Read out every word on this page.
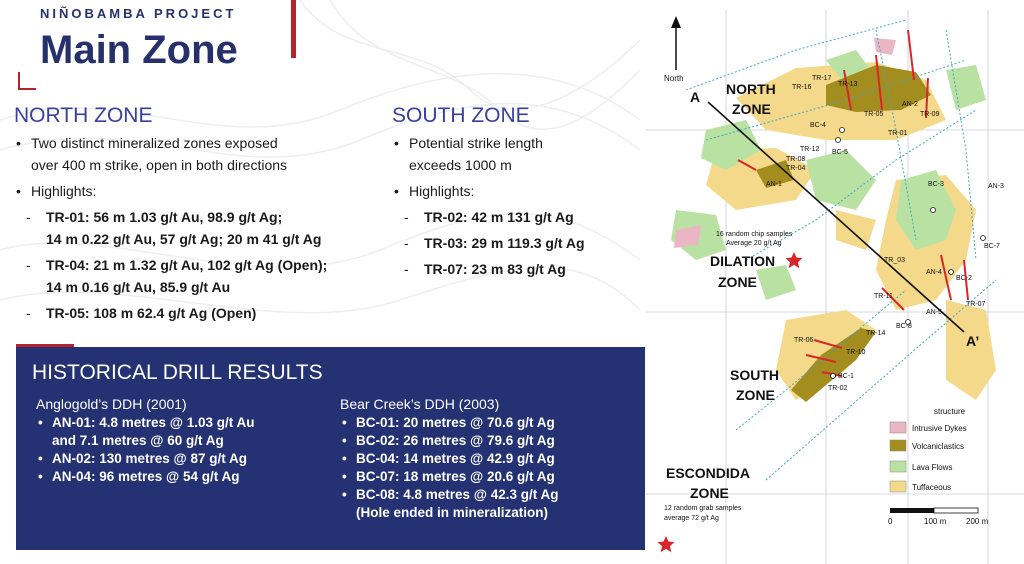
NIÑOBAMBA PROJECT
Main Zone
NORTH ZONE
• Two distinct mineralized zones exposed
over 400 m strike, open in both directions
• Highlights:
- TR-01: 56 m 1.03 g/t Au, 98.9 g/t Ag;
14 m 0.22 g/t Au, 57 g/t Ag; 20 m 41 g/t Ag
- TR-04: 21 m 1.32 g/t Au, 102 g/t Ag (Open);
14 m 0.16 g/t Au, 85.9 g/t Au
- TR-05: 108 m 62.4 g/t Ag (Open)
SOUTH ZONE
• Potential strike length
exceeds 1000 m
• Highlights:
- TR-02: 42 m 131 g/t Ag
- TR-03: 29 m 119.3 g/t Ag
- TR-07: 23 m 83 g/t Ag
HISTORICAL DRILL RESULTS
Anglogold’s DDH (2001)
• AN-01: 4.8 metres @ 1.03 g/t Au
and 7.1 metres @ 60 g/t Ag
• AN-02: 130 metres @ 87 g/t Ag
• AN-04: 96 metres @ 54 g/t Ag
Bear Creek’s DDH (2003)
• BC-01: 20 metres @ 70.6 g/t Ag
• BC-02: 26 metres @ 79.6 g/t Ag
• BC-04: 14 metres @ 42.9 g/t Ag
• BC-07: 18 metres @ 20.6 g/t Ag
• BC-08: 4.8 metres @ 42.3 g/t Ag
(Hole ended in mineralization)
North
A
A’
NORTH
ZONE
DILATION
ZONE
SOUTH
ZONE
ESCONDIDA
ZONE
16 random chip samples
Average 20 g/t Ag
12 random grab samples
average 72 g/t Ag
TR-17
TR-16	TR-13
AN-2
TR-09
TR-05
TR-01
BC-4
BC-5
TR-12
TR-08
TR-04
AN-1	AN-3
BC-3
BC-7
TR_03
AN-4
BC-2
TR-11
TR-07
AN-5
BC-8
TR-14
TR-06
TR-10
BC-1
TR-02
structure
Intrusive Dykes
Volcaniclastics
Lava Flows
Tuffaceous
0	100 m 200 m
